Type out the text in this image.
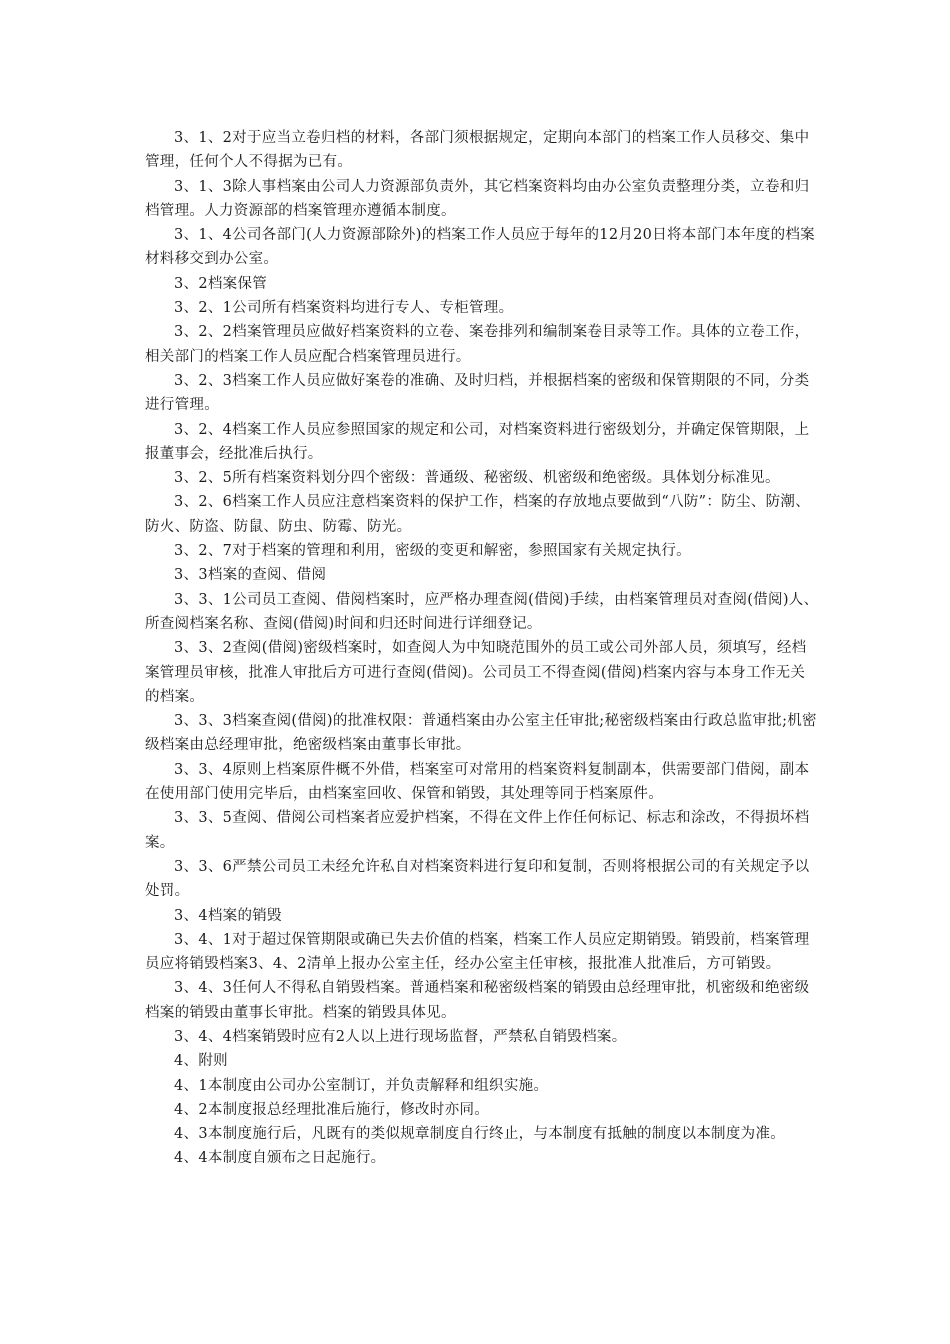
3、1、2对于应当立卷归档的材料，各部门须根据规定，定期向本部门的档案工作人员移交、集中管理，任何个人不得据为已有。

3、1、3除人事档案由公司人力资源部负责外，其它档案资料均由办公室负责整理分类，立卷和归档管理。人力资源部的档案管理亦遵循本制度。

3、1、4公司各部门(人力资源部除外)的档案工作人员应于每年的12月20日将本部门本年度的档案材料移交到办公室。

3、2档案保管

3、2、1公司所有档案资料均进行专人、专柜管理。

3、2、2档案管理员应做好档案资料的立卷、案卷排列和编制案卷目录等工作。具体的立卷工作，相关部门的档案工作人员应配合档案管理员进行。

3、2、3档案工作人员应做好案卷的准确、及时归档，并根据档案的密级和保管期限的不同，分类进行管理。

3、2、4档案工作人员应参照国家的规定和公司，对档案资料进行密级划分，并确定保管期限，上报董事会，经批准后执行。

3、2、5所有档案资料划分四个密级：普通级、秘密级、机密级和绝密级。具体划分标准见。

3、2、6档案工作人员应注意档案资料的保护工作，档案的存放地点要做到“八防”：防尘、防潮、防火、防盗、防鼠、防虫、防霉、防光。

3、2、7对于档案的管理和利用，密级的变更和解密，参照国家有关规定执行。

3、3档案的查阅、借阅

3、3、1公司员工查阅、借阅档案时，应严格办理查阅(借阅)手续，由档案管理员对查阅(借阅)人、所查阅档案名称、查阅(借阅)时间和归还时间进行详细登记。

3、3、2查阅(借阅)密级档案时，如查阅人为中知晓范围外的员工或公司外部人员，须填写，经档案管理员审核，批准人审批后方可进行查阅(借阅)。公司员工不得查阅(借阅)档案内容与本身工作无关的档案。

3、3、3档案查阅(借阅)的批准权限：普通档案由办公室主任审批;秘密级档案由行政总监审批;机密级档案由总经理审批，绝密级档案由董事长审批。

3、3、4原则上档案原件概不外借，档案室可对常用的档案资料复制副本，供需要部门借阅，副本在使用部门使用完毕后，由档案室回收、保管和销毁，其处理等同于档案原件。

3、3、5查阅、借阅公司档案者应爱护档案，不得在文件上作任何标记、标志和涂改，不得损坏档案。

3、3、6严禁公司员工未经允许私自对档案资料进行复印和复制，否则将根据公司的有关规定予以处罚。

3、4档案的销毁

3、4、1对于超过保管期限或确已失去价值的档案，档案工作人员应定期销毁。销毁前，档案管理员应将销毁档案3、4、2清单上报办公室主任，经办公室主任审核，报批准人批准后，方可销毁。

3、4、3任何人不得私自销毁档案。普通档案和秘密级档案的销毁由总经理审批，机密级和绝密级档案的销毁由董事长审批。档案的销毁具体见。

3、4、4档案销毁时应有2人以上进行现场监督，严禁私自销毁档案。

4、附则

4、1本制度由公司办公室制订，并负责解释和组织实施。

4、2本制度报总经理批准后施行，修改时亦同。

4、3本制度施行后，凡既有的类似规章制度自行终止，与本制度有抵触的制度以本制度为准。

4、4本制度自颁布之日起施行。
